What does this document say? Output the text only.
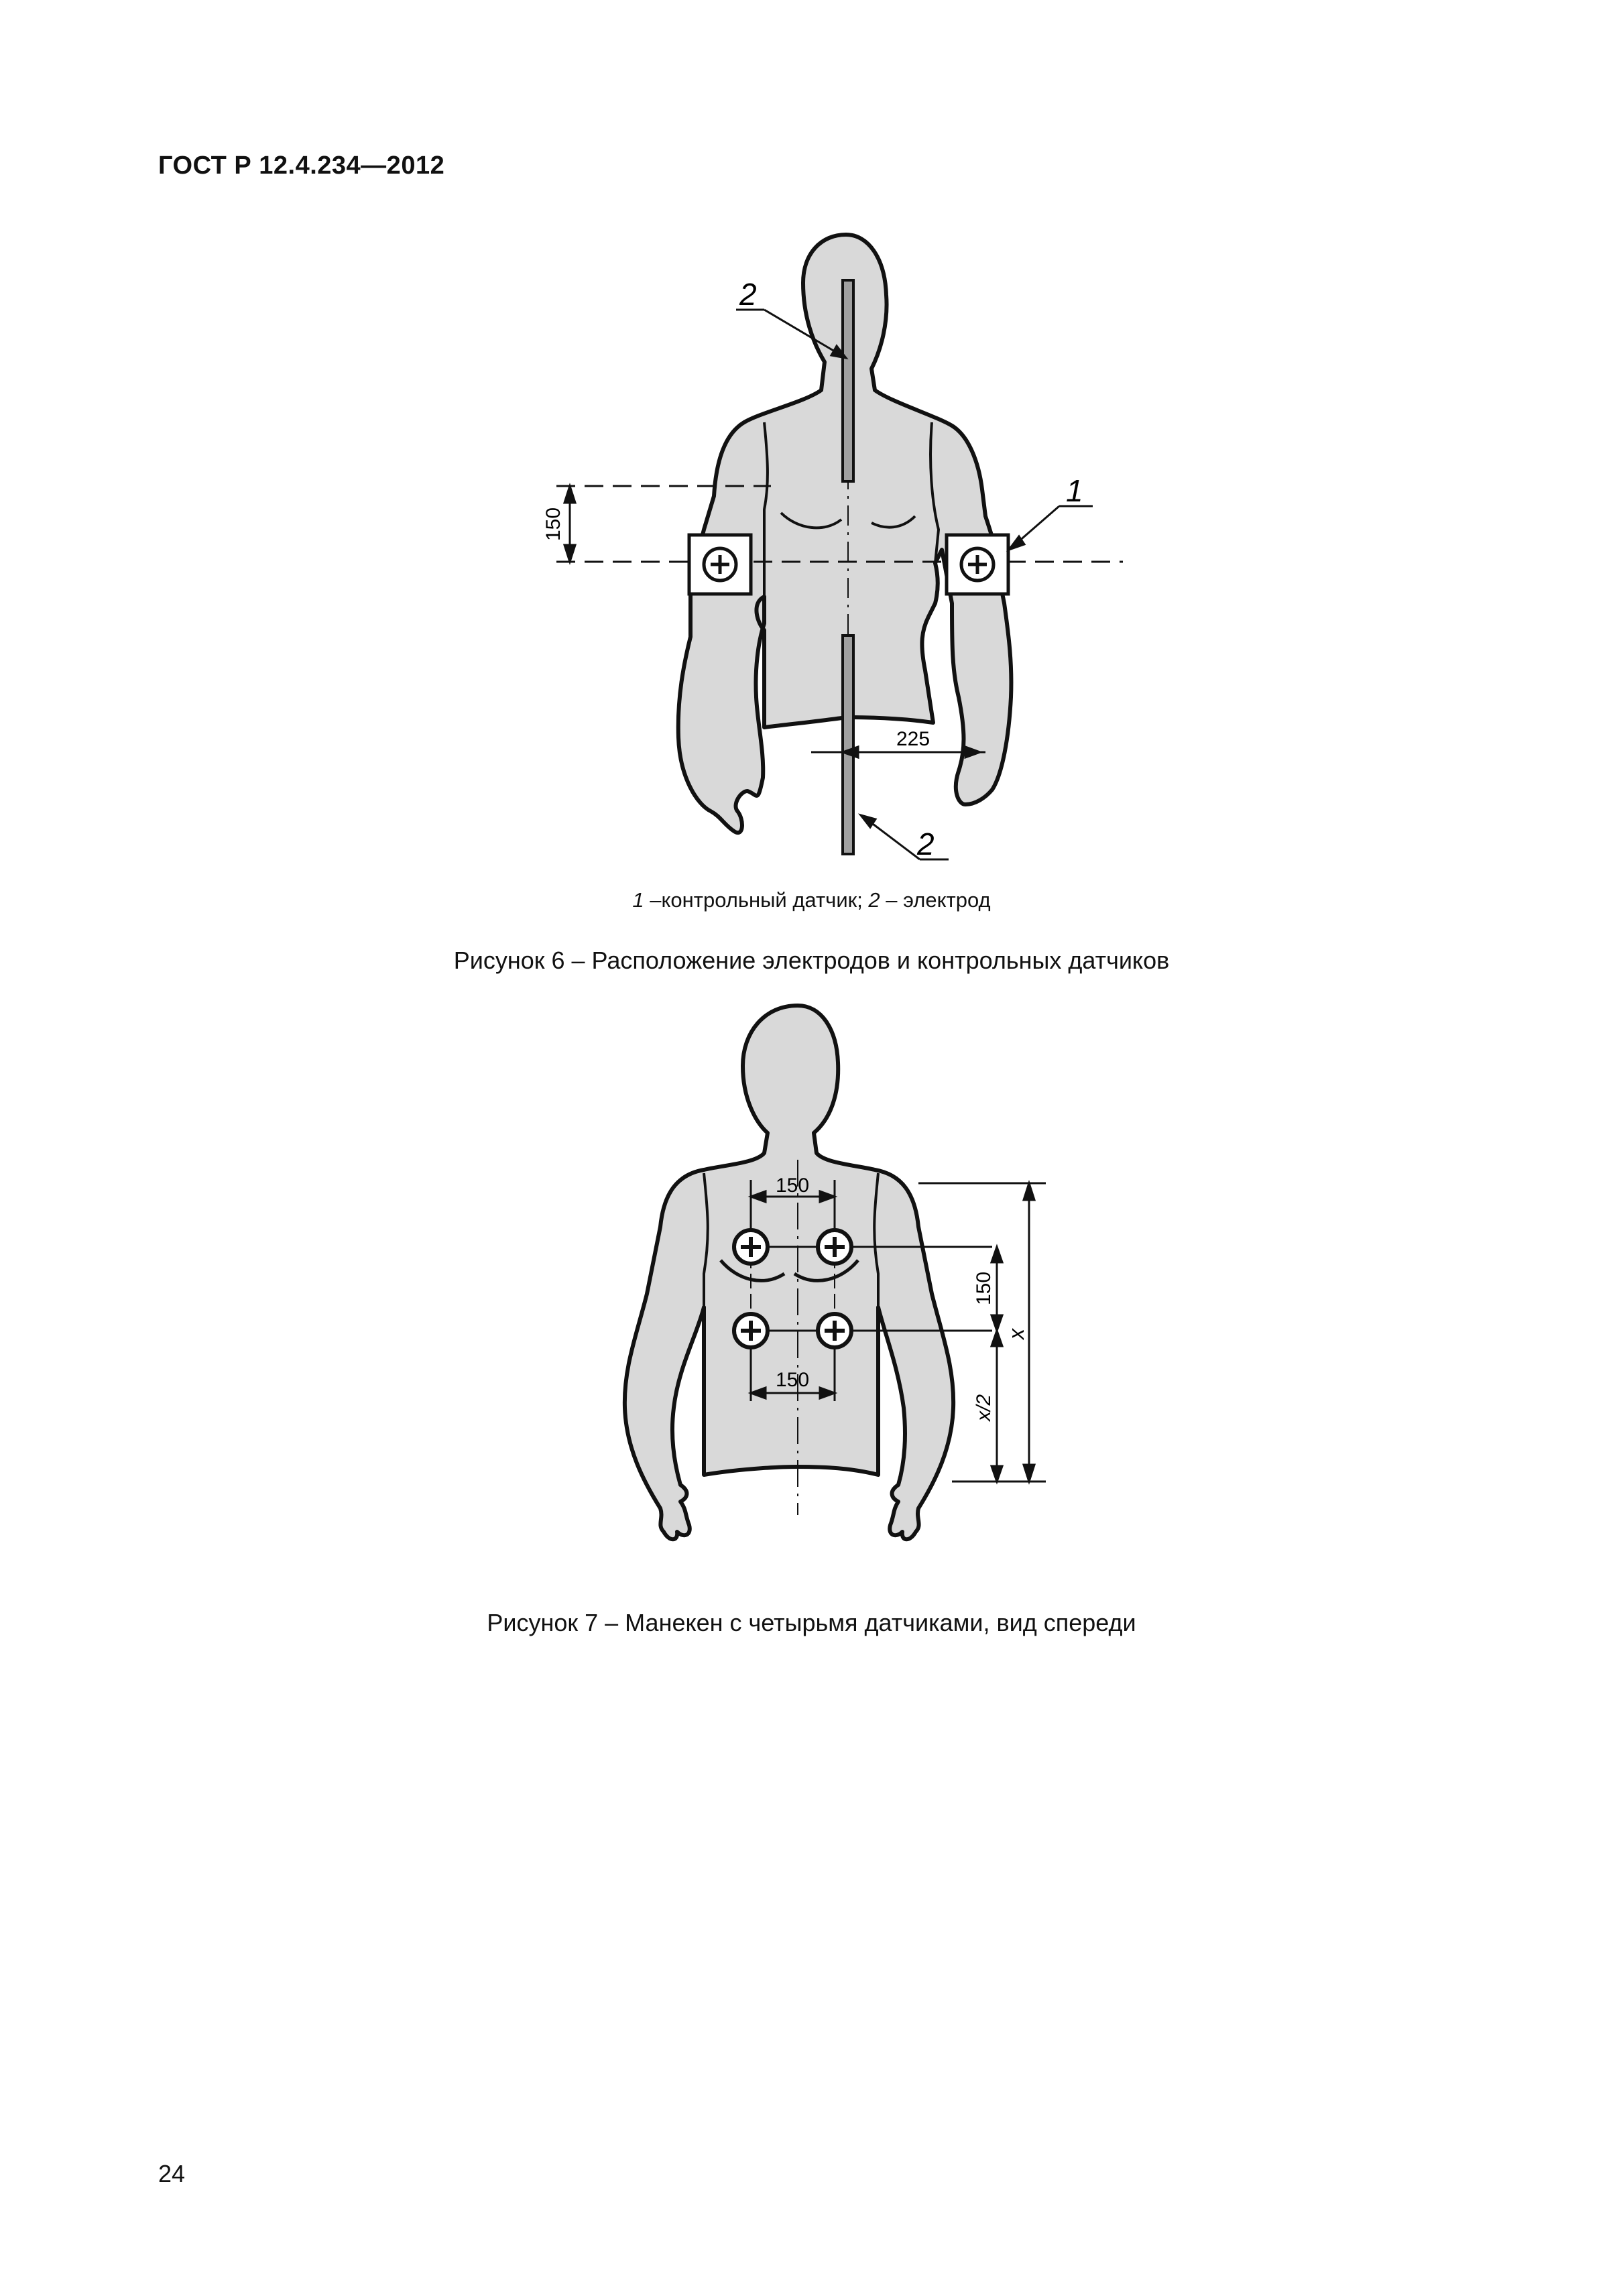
ГОСТ Р 12.4.234—2012
150
225
2
1
2
1 –контрольный датчик; 2 – электрод
Рисунок 6 – Расположение электродов и контрольных датчиков
150
150
150
x
x/2
Рисунок 7 – Манекен с четырьмя датчиками, вид спереди
24
